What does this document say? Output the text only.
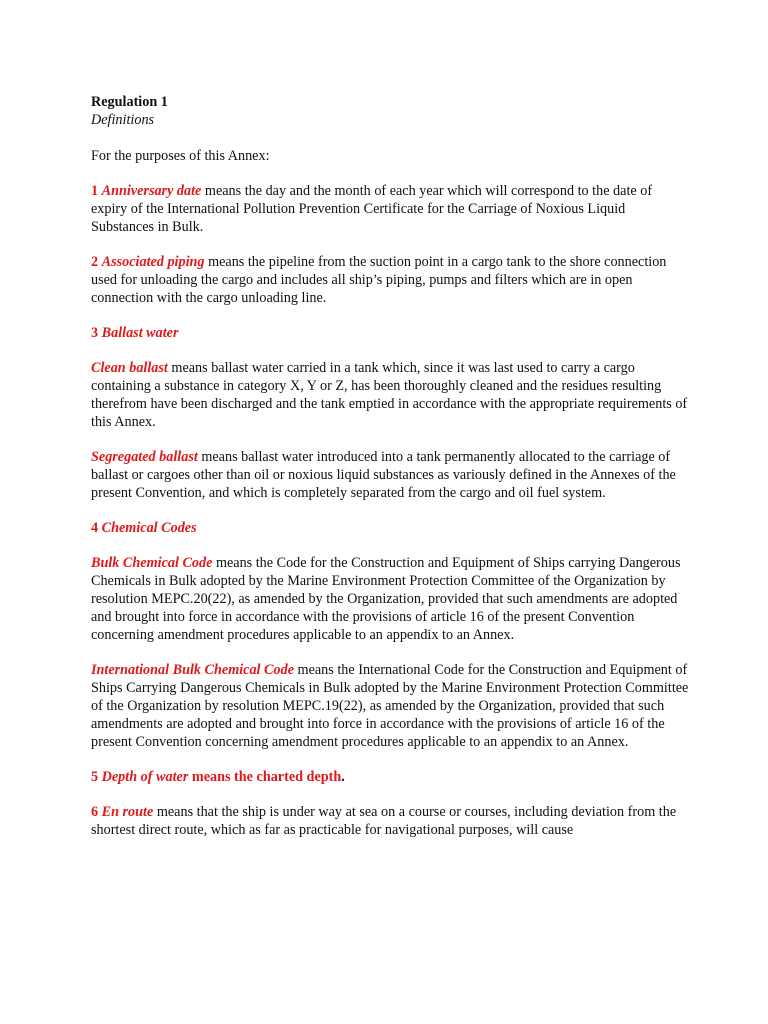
Regulation 1

Definitions

For the purposes of this Annex:

1 Anniversary date means the day and the month of each year which will correspond to the date of expiry of the International Pollution Prevention Certificate for the Carriage of Noxious Liquid Substances in Bulk.

2 Associated piping means the pipeline from the suction point in a cargo tank to the shore connection used for unloading the cargo and includes all ship’s piping, pumps and filters which are in open connection with the cargo unloading line.

3 Ballast water

Clean ballast means ballast water carried in a tank which, since it was last used to carry a cargo containing a substance in category X, Y or Z, has been thoroughly cleaned and the residues resulting therefrom have been discharged and the tank emptied in accordance with the appropriate requirements of this Annex.

Segregated ballast means ballast water introduced into a tank permanently allocated to the carriage of ballast or cargoes other than oil or noxious liquid substances as variously defined in the Annexes of the present Convention, and which is completely separated from the cargo and oil fuel system.

4 Chemical Codes

Bulk Chemical Code means the Code for the Construction and Equipment of Ships carrying Dangerous Chemicals in Bulk adopted by the Marine Environment Protection Committee of the Organization by resolution MEPC.20(22), as amended by the Organization, provided that such amendments are adopted and brought into force in accordance with the provisions of article 16 of the present Convention concerning amendment procedures applicable to an appendix to an Annex.

International Bulk Chemical Code means the International Code for the Construction and Equipment of Ships Carrying Dangerous Chemicals in Bulk adopted by the Marine Environment Protection Committee of the Organization by resolution MEPC.19(22), as amended by the Organization, provided that such amendments are adopted and brought into force in accordance with the provisions of article 16 of the present Convention concerning amendment procedures applicable to an appendix to an Annex.

5 Depth of water means the charted depth.

6 En route means that the ship is under way at sea on a course or courses, including deviation from the shortest direct route, which as far as practicable for navigational purposes, will cause
